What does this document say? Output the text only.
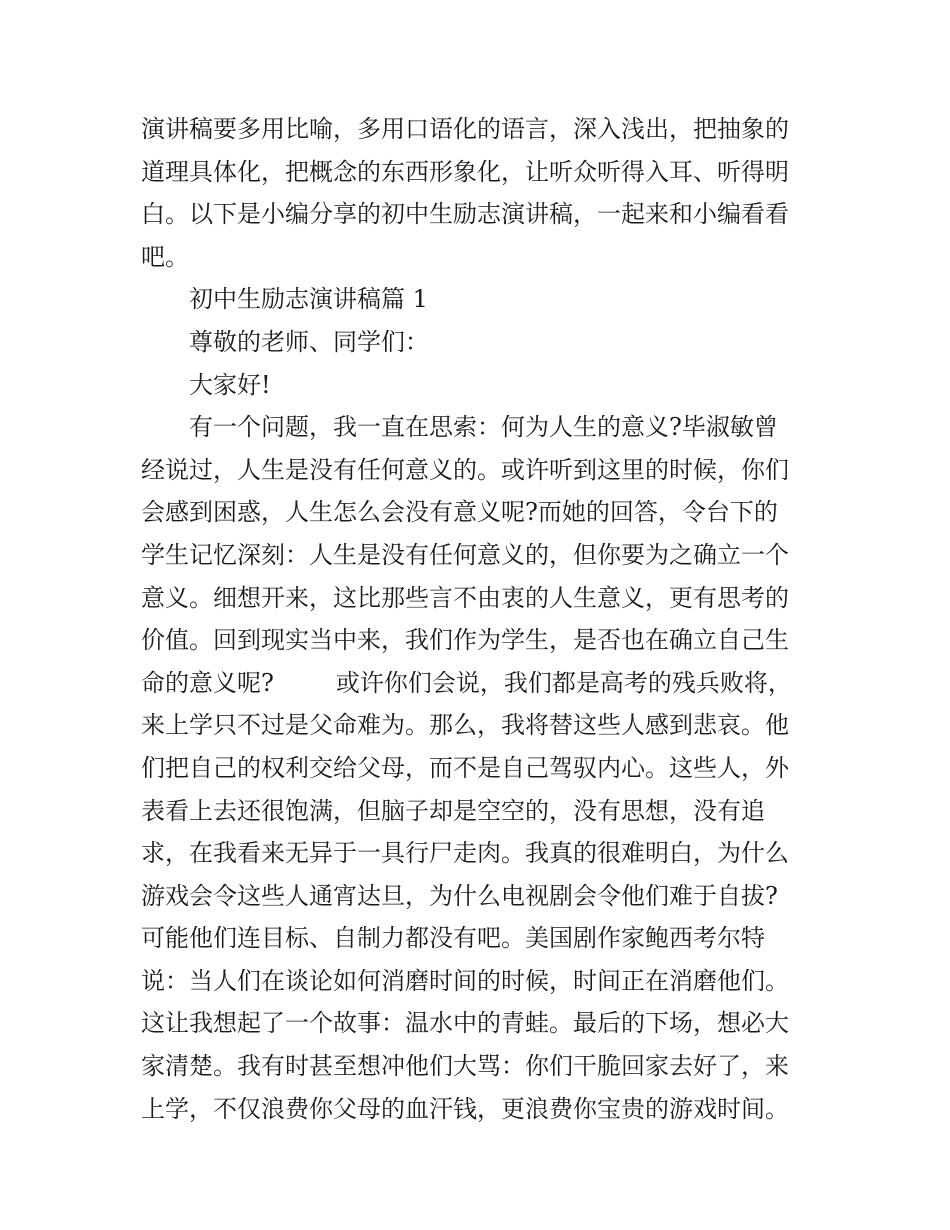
演讲稿要多用比喻，多用口语化的语言，深入浅出，把抽象的
道理具体化，把概念的东西形象化，让听众听得入耳、听得明
白。以下是小编分享的初中生励志演讲稿，一起来和小编看看
吧。
初中生励志演讲稿篇 1
尊敬的老师、同学们：
大家好!
有一个问题，我一直在思索：何为人生的意义?毕淑敏曾
经说过，人生是没有任何意义的。或许听到这里的时候，你们
会感到困惑，人生怎么会没有意义呢?而她的回答，令台下的
学生记忆深刻：人生是没有任何意义的，但你要为之确立一个
意义。细想开来，这比那些言不由衷的人生意义，更有思考的
价值。回到现实当中来，我们作为学生，是否也在确立自己生
命的意义呢?	或许你们会说，我们都是高考的残兵败将，
来上学只不过是父命难为。那么，我将替这些人感到悲哀。他
们把自己的权利交给父母，而不是自己驾驭内心。这些人，外
表看上去还很饱满，但脑子却是空空的，没有思想，没有追
求，在我看来无异于一具行尸走肉。我真的很难明白，为什么
游戏会令这些人通宵达旦，为什么电视剧会令他们难于自拔?
可能他们连目标、自制力都没有吧。美国剧作家鲍西考尔特
说：当人们在谈论如何消磨时间的时候，时间正在消磨他们。
这让我想起了一个故事：温水中的青蛙。最后的下场，想必大
家清楚。我有时甚至想冲他们大骂：你们干脆回家去好了，来
上学，不仅浪费你父母的血汗钱，更浪费你宝贵的游戏时间。
